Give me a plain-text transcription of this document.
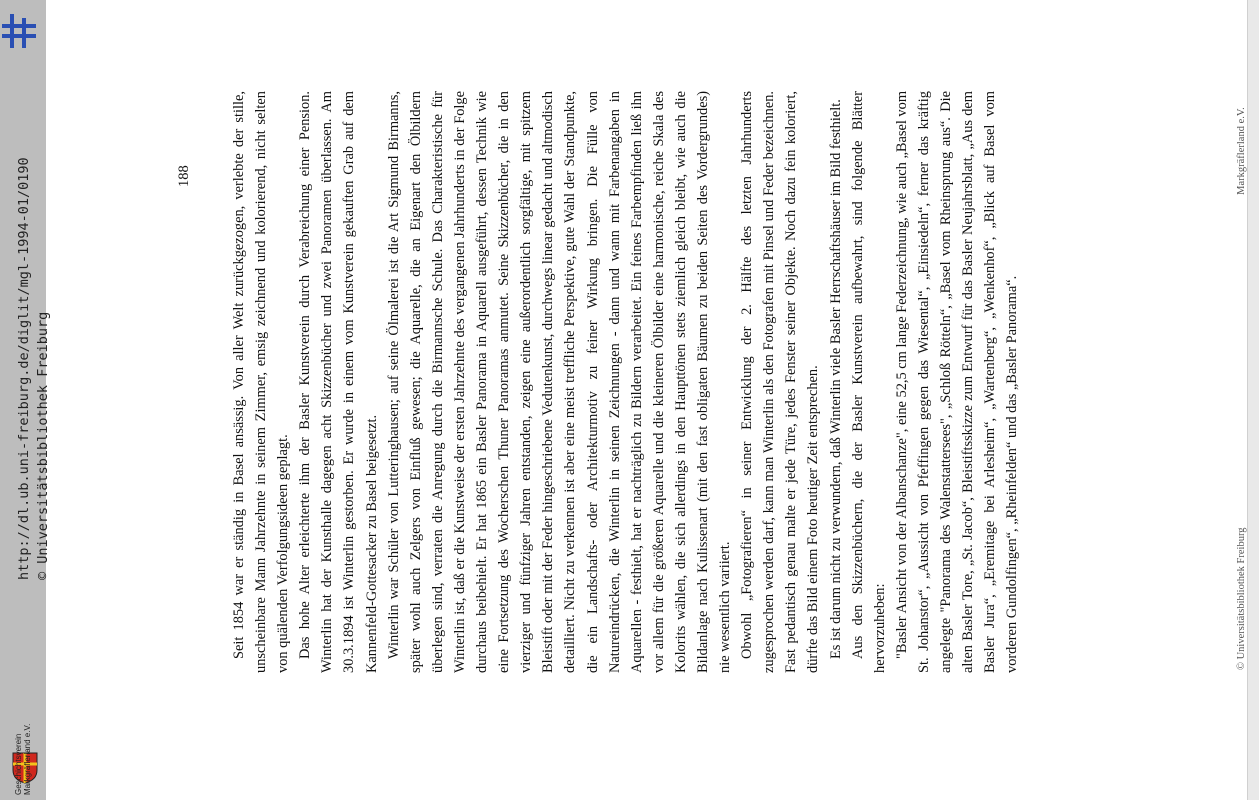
Seit 1854 war er ständig in Basel ansässig. Von aller Welt zurückgezogen, verlebte der stille, unscheinbare Mann Jahrzehnte in seinem Zimmer, emsig zeichnend und kolorierend, nicht selten von quälenden Verfolgungsideen geplagt. Das hohe Alter erleichterte ihm der Basler Kunstverein durch Verabreichung einer Pension. Winterlin hat der Kunsthalle dagegen acht Skizzenbücher und zwei Panoramen überlassen. Am 30.3.1894 ist Winterlin gestorben. Er wurde in einem vom Kunstverein gekauften Grab auf dem Kannenfeld-Gottesacker zu Basel beigesetzt. Winterlin war Schüler von Lutteringhausen; auf seine Ölmalerei ist die Art Sigmund Birmanns, später wohl auch Zelgers von Einfluß gewesen; die Aquarelle, die an Eigenart den Ölbildern überlegen sind, verraten die Anregung durch die Birmannsche Schule. Das Charakteristische für Winterlin ist, daß er die Kunstweise der ersten Jahrzehnte des vergangenen Jahrhunderts in der Folge durchaus beibehielt. Er hat 1865 ein Basler Panorama in Aquarell ausgeführt, dessen Technik wie eine Fortsetzung des Wocherschen Thuner Panoramas anmutet. Seine Skizzenbücher, die in den vierziger und fünfziger Jahren entstanden, zeigen eine außerordentlich sorgfältige, mit spitzem Bleistift oder mit der Feder hingeschriebene Vedutenkunst, durchwegs linear gedacht und altmodisch detailliert. Nicht zu verkennen ist aber eine meist treffliche Perspektive, gute Wahl der Standpunkte, die ein Landschafts- oder Architekturmotiv zu feiner Wirkung bringen. Die Fülle von Natureindrücken, die Winterlin in seinen Zeichnungen - dann und wann mit Farbenangaben in Aquarellen - festhielt, hat er nachträglich zu Bildern verarbeitet. Ein feines Farbempfinden ließ ihn vor allem für die größeren Aquarelle und die kleineren Ölbilder eine harmonische, reiche Skala des Kolorits wählen, die sich allerdings in den Haupttönen stets ziemlich gleich bleibt, wie auch die Bildanlage nach Kulissenart (mit den fast obligaten Bäumen zu beiden Seiten des Vordergrundes) nie wesentlich variiert. Obwohl „Fotografieren“ in seiner Entwicklung der 2. Hälfte des letzten Jahrhunderts zugesprochen werden darf, kann man Winterlin als den Fotografen mit Pinsel und Feder bezeichnen. Fast pedantisch genau malte er jede Türe, jedes Fenster seiner Objekte. Noch dazu fein koloriert, dürfte das Bild einem Foto heutiger Zeit entsprechen. Es ist darum nicht zu verwundern, daß Winterlin viele Basler Herrschaftshäuser im Bild festhielt. Aus den Skizzenbüchern, die der Basler Kunstverein aufbewahrt, sind folgende Blätter hervorzuheben: "Basler Ansicht von der Albanschanze", eine 52,5 cm lange Federzeichnung, wie auch „Basel vom St. Johanstor“, „Aussicht von Pfeffingen gegen das Wiesental“, „Einsiedeln“, ferner das kräftig angelegte "Panorama des Walenstattersees", „Schloß Rötteln“, „Basel vom Rheinsprung aus“. Die alten Basler Tore, „St. Jacob“, Bleistiftsskizze zum Entwurf für das Basler Neujahrsblatt, „Aus dem Basler Jura“, „Eremitage bei Arlesheim“, „Wartenberg“, „Wenkenhof“, „Blick auf Basel vom vorderen Gundolfingen“, „Rheinfelden“ und das „Basler Panorama“.

188
http://dl.ub.uni-freiburg.de/diglit/mgl-1994-01/0190 © Universitätsbibliothek Freiburg
Geschichtsverein Markgräflerland e.V.
© Universitätsbibliothek Freiburg Markgräflerland e.V.
